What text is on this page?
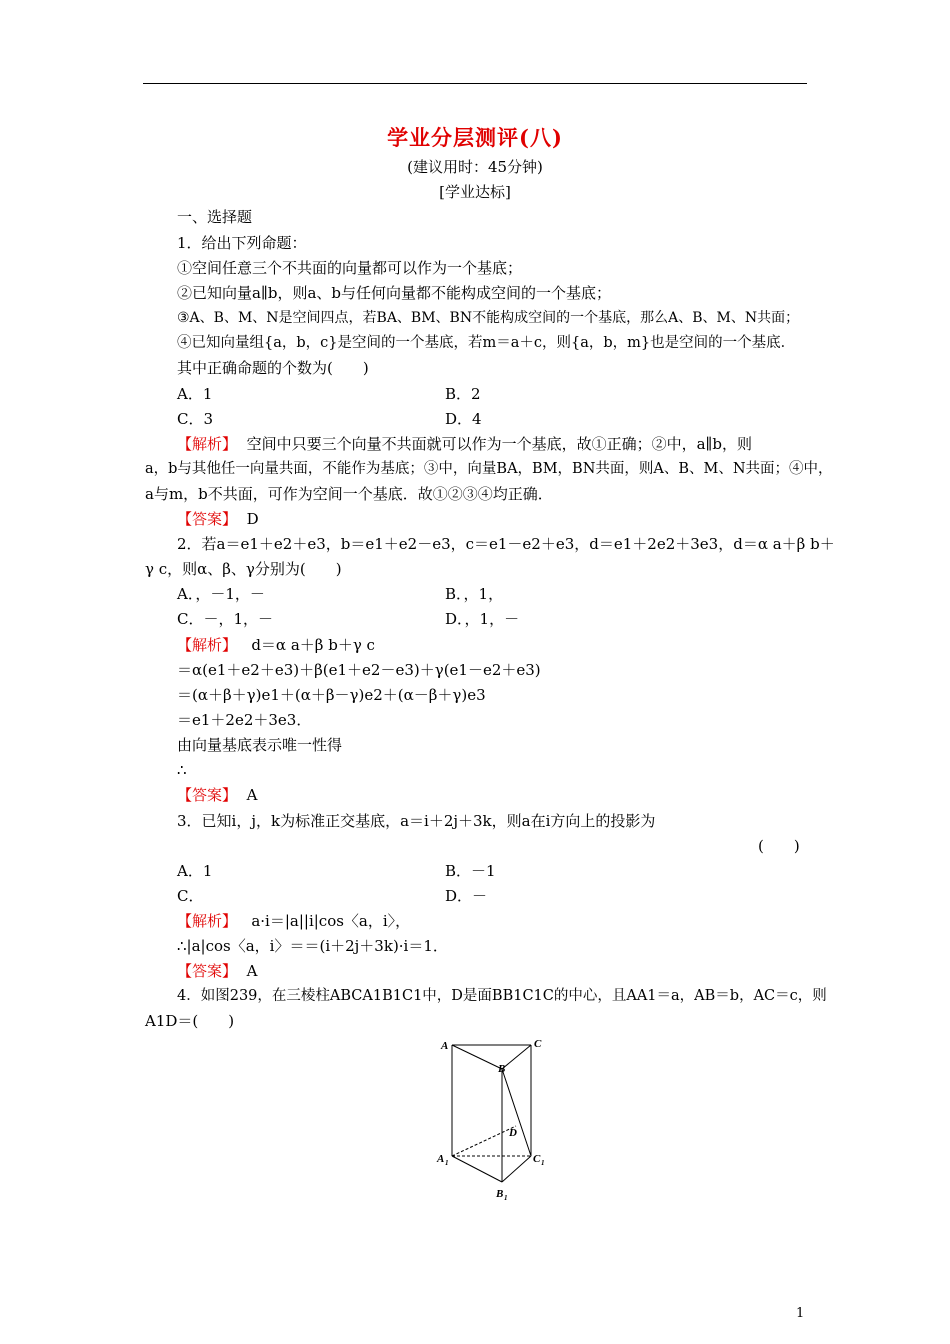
学业分层测评(八)
(建议用时：45分钟)
[学业达标]
一、选择题
1．给出下列命题：
①空间任意三个不共面的向量都可以作为一个基底；
②已知向量a∥b，则a、b与任何向量都不能构成空间的一个基底；
③A、B、M、N是空间四点，若BA、BM、BN不能构成空间的一个基底，那么A、B、M、N共面；
④已知向量组{a，b，c}是空间的一个基底，若m＝a＋c，则{a，b，m}也是空间的一个基底．
其中正确命题的个数为(　　)
A．1	B．2
C．3	D．4
【解析】 空间中只要三个向量不共面就可以作为一个基底，故①正确；②中，a∥b，则
a，b与其他任一向量共面，不能作为基底；③中，向量BA，BM，BN共面，则A、B、M、N共面；④中，
a与m，b不共面，可作为空间一个基底．故①②③④均正确．
【答案】 D
2．若a＝e1＋e2＋e3，b＝e1＋e2－e3，c＝e1－e2＋e3，d＝e1＋2e2＋3e3，d＝α a＋β b＋
γ c，则α、β、γ分别为(　　)
A．，－1，－	B．，1，
C．－，1，－	D．，1，－
【解析】 d＝α a＋β b＋γ c
＝α(e1＋e2＋e3)＋β(e1＋e2－e3)＋γ(e1－e2＋e3)
＝(α＋β＋γ)e1＋(α＋β－γ)e2＋(α－β＋γ)e3
＝e1＋2e2＋3e3．
由向量基底表示唯一性得
∴
【答案】 A
3．已知i，j，k为标准正交基底，a＝i＋2j＋3k，则a在i方向上的投影为
(　　)
A．1	B．－1
C．	D．－
【解析】 a·i＝|a||i|cos〈a，i〉，
∴|a|cos〈a，i〉＝＝(i＋2j＋3k)·i＝1．
【答案】 A
4．如图239，在三棱柱ABCA1B1C1中，D是面BB1C1C的中心，且AA1＝a，AB＝b，AC＝c，则
A1D＝(　　)
A	C
B
D
A 1	C 1
B 1
1
